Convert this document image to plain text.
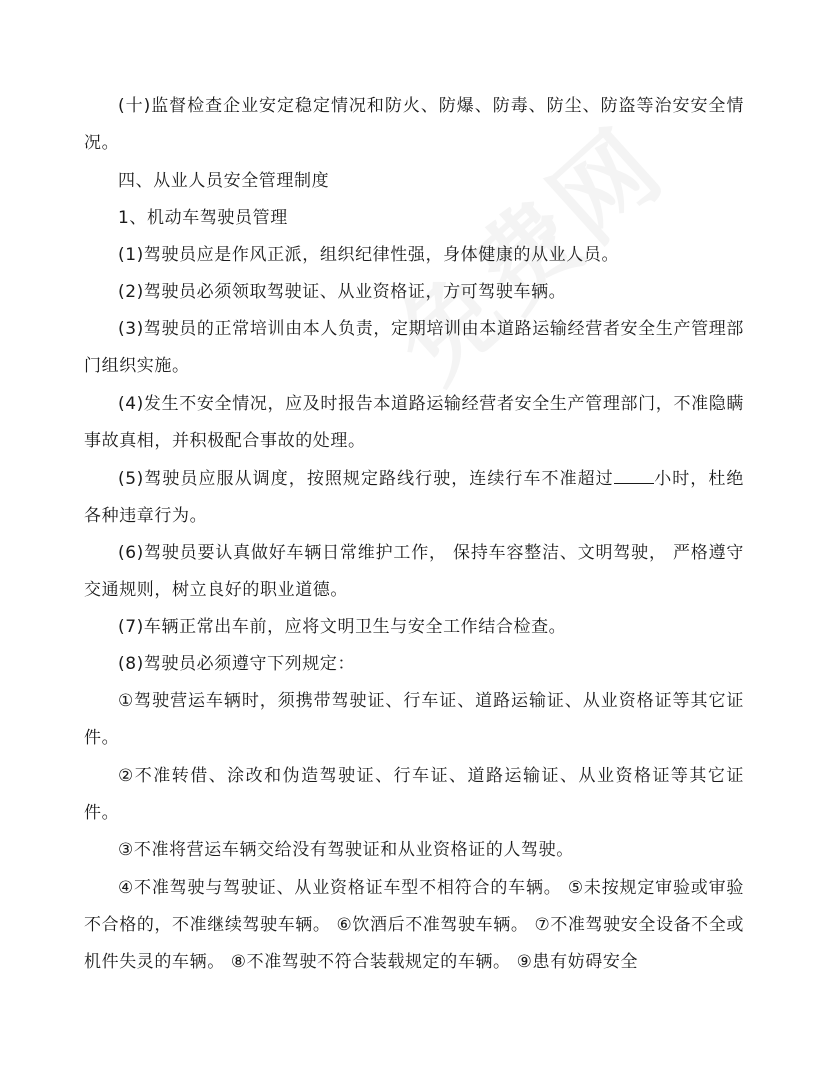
(十)监督检查企业安定稳定情况和防火、防爆、防毒、防尘、防盗等治安安全情况。

四、从业人员安全管理制度

1、机动车驾驶员管理

(1)驾驶员应是作风正派，组织纪律性强，身体健康的从业人员。

(2)驾驶员必须领取驾驶证、从业资格证，方可驾驶车辆。

(3)驾驶员的正常培训由本人负责，定期培训由本道路运输经营者安全生产管理部门组织实施。

(4)发生不安全情况，应及时报告本道路运输经营者安全生产管理部门，不准隐瞒事故真相，并积极配合事故的处理。

(5)驾驶员应服从调度，按照规定路线行驶，连续行车不准超过 小时，杜绝各种违章行为。

(6)驾驶员要认真做好车辆日常维护工作， 保持车容整洁、文明驾驶， 严格遵守交通规则，树立良好的职业道德。

(7)车辆正常出车前，应将文明卫生与安全工作结合检查。

(8)驾驶员必须遵守下列规定：

①驾驶营运车辆时，须携带驾驶证、行车证、道路运输证、从业资格证等其它证件。

②不准转借、涂改和伪造驾驶证、行车证、道路运输证、从业资格证等其它证件。

③不准将营运车辆交给没有驾驶证和从业资格证的人驾驶。

④不准驾驶与驾驶证、从业资格证车型不相符合的车辆。 ⑤未按规定审验或审验不合格的，不准继续驾驶车辆。 ⑥饮酒后不准驾驶车辆。 ⑦不准驾驶安全设备不全或机件失灵的车辆。 ⑧不准驾驶不符合装载规定的车辆。 ⑨患有妨碍安全
